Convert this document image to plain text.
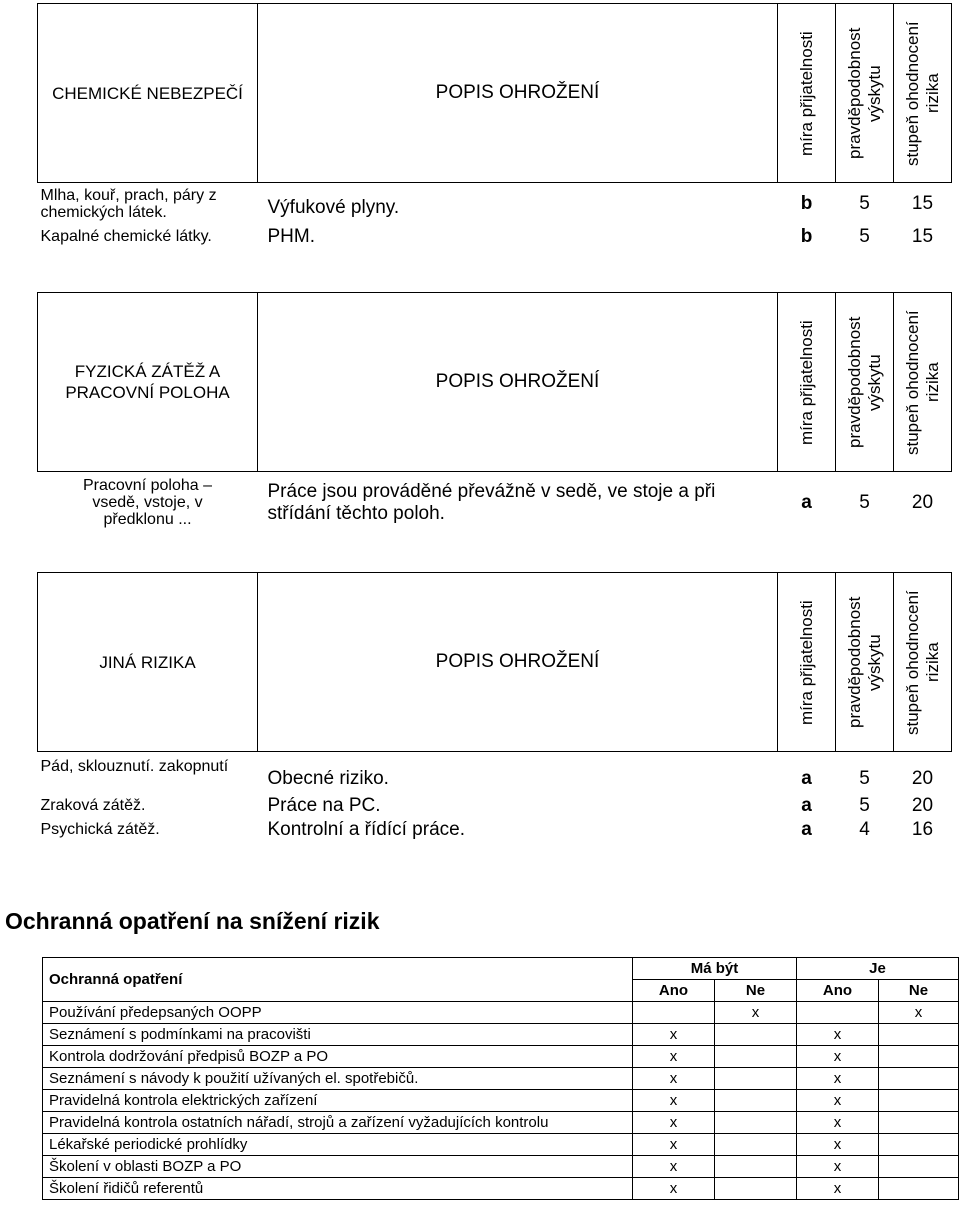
CHEMICKÉ NEBEZPEČÍ	POPIS OHROŽENÍ	míra přijatelnosti	pravděpodobnost výskytu	stupeň ohodnocení rizika
Mlha, kouř, prach, páry z chemických látek.	Výfukové plyny.	b	5	15
Kapalné chemické látky.	PHM.	b	5	15
FYZICKÁ ZÁTĚŽ A PRACOVNÍ POLOHA	POPIS OHROŽENÍ	míra přijatelnosti	pravděpodobnost výskytu	stupeň ohodnocení rizika
Pracovní poloha – vsedě, vstoje, v předklonu ...	Práce jsou prováděné převážně v sedě, ve stoje a při střídání těchto poloh.	a	5	20
JINÁ RIZIKA	POPIS OHROŽENÍ	míra přijatelnosti	pravděpodobnost výskytu	stupeň ohodnocení rizika
Pád, sklouznutí. zakopnutí	Obecné riziko.	a	5	20
Zraková zátěž.	Práce na PC.	a	5	20
Psychická zátěž.	Kontrolní a řídící práce.	a	4	16
Ochranná opatření na snížení rizik
Ochranná opatření	Má být		Je	
	Ano	Ne	Ano	Ne
Používání předepsaných OOPP		x		x
Seznámení s podmínkami na pracovišti	x		x	
Kontrola dodržování předpisů BOZP a PO	x		x	
Seznámení s návody k použití užívaných el. spotřebičů.	x		x	
Pravidelná kontrola elektrických zařízení	x		x	
Pravidelná kontrola ostatních nářadí, strojů a zařízení vyžadujících kontrolu	x		x	
Lékařské periodické prohlídky	x		x	
Školení v oblasti BOZP a PO	x		x	
Školení řidičů referentů	x		x	
